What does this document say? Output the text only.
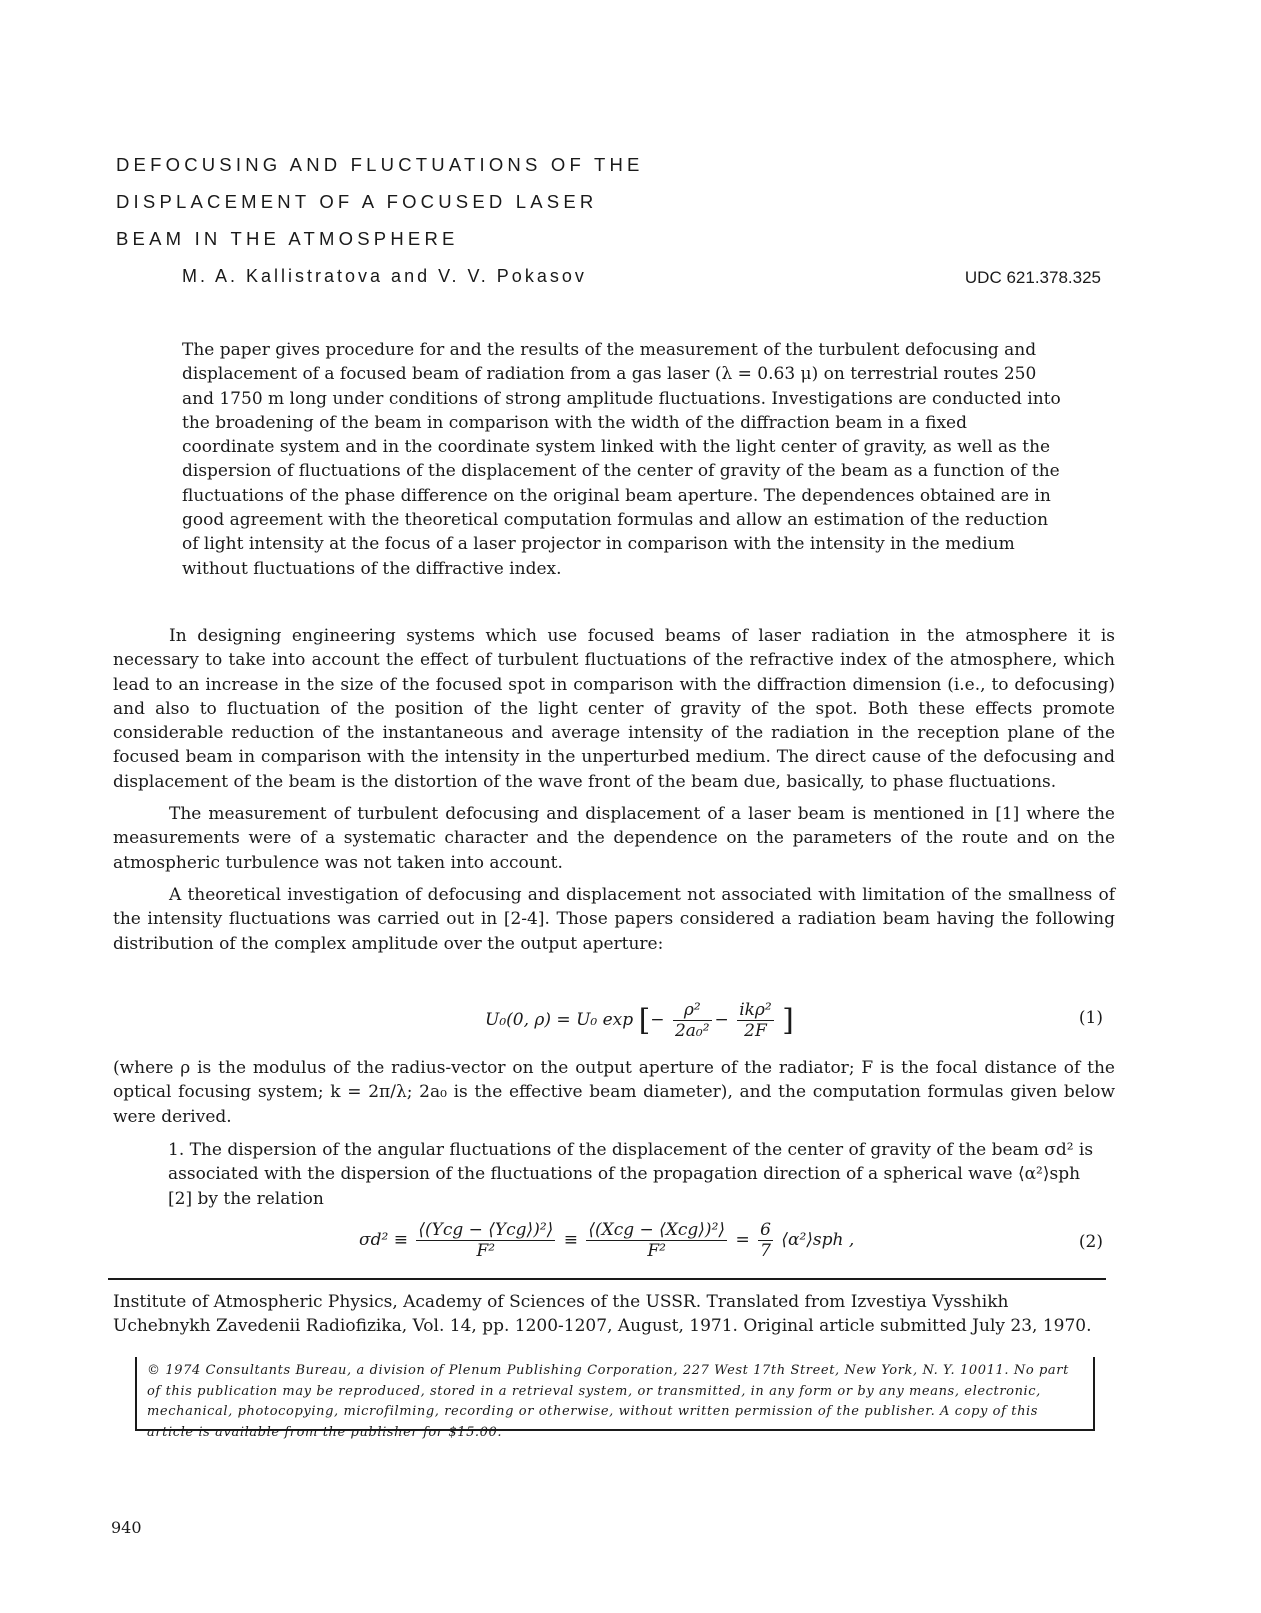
DEFOCUSING AND FLUCTUATIONS OF THE
DISPLACEMENT OF A FOCUSED LASER
BEAM IN THE ATMOSPHERE
M. A. Kallistratova and V. V. Pokasov	UDC 621.378.325
The paper gives procedure for and the results of the measurement of the turbulent defocusing and displacement of a focused beam of radiation from a gas laser (λ = 0.63 μ) on terrestrial routes 250 and 1750 m long under conditions of strong amplitude fluctuations. Investigations are conducted into the broadening of the beam in comparison with the width of the diffraction beam in a fixed coordinate system and in the coordinate system linked with the light center of gravity, as well as the dispersion of fluctuations of the displacement of the center of gravity of the beam as a function of the fluctuations of the phase difference on the original beam aperture. The dependences obtained are in good agreement with the theoretical computation formulas and allow an estimation of the reduction of light intensity at the focus of a laser projector in comparison with the intensity in the medium without fluctuations of the diffractive index.

In designing engineering systems which use focused beams of laser radiation in the atmosphere it is necessary to take into account the effect of turbulent fluctuations of the refractive index of the atmosphere, which lead to an increase in the size of the focused spot in comparison with the diffraction dimension (i.e., to defocusing) and also to fluctuation of the position of the light center of gravity of the spot. Both these effects promote considerable reduction of the instantaneous and average intensity of the radiation in the reception plane of the focused beam in comparison with the intensity in the unperturbed medium. The direct cause of the defocusing and displacement of the beam is the distortion of the wave front of the beam due, basically, to phase fluctuations.

The measurement of turbulent defocusing and displacement of a laser beam is mentioned in [1] where the measurements were of a systematic character and the dependence on the parameters of the route and on the atmospheric turbulence was not taken into account.

A theoretical investigation of defocusing and displacement not associated with limitation of the smallness of the intensity fluctuations was carried out in [2-4]. Those papers considered a radiation beam having the following distribution of the complex amplitude over the output aperture:

U₀(0, ρ) = U₀ exp [− $\frac{\text{ρ²}}{\text{2a₀²}} - \frac{\text{ikρ²}}{2F}$ ]	(1)

(where ρ is the modulus of the radius-vector on the output aperture of the radiator; F is the focal distance of the optical focusing system; k = 2π/λ; 2a₀ is the effective beam diameter), and the computation formulas given below were derived.

1. The dispersion of the angular fluctuations of the displacement of the center of gravity of the beam σd² is associated with the dispersion of the fluctuations of the propagation direction of a spherical wave ⟨α²⟩sph [2] by the relation
$\sigma d^2 \equiv \frac{\text{⟨(Ycg − ⟨Ycg⟩)²⟩}}{\text{F²}} \equiv \frac{\text{⟨(Xcg − ⟨Xcg⟩)²⟩}}{\text{F²}} = \frac{6}{7}$ ⟨α²⟩sph ,	(2)
Institute of Atmospheric Physics, Academy of Sciences of the USSR. Translated from Izvestiya Vysshikh Uchebnykh Zavedenii Radiofizika, Vol. 14, pp. 1200-1207, August, 1971. Original article submitted July 23, 1970.
© 1974 Consultants Bureau, a division of Plenum Publishing Corporation, 227 West 17th Street, New York, N. Y. 10011. No part of this publication may be reproduced, stored in a retrieval system, or transmitted, in any form or by any means, electronic, mechanical, photocopying, microfilming, recording or otherwise, without written permission of the publisher. A copy of this article is available from the publisher for $15.00.
940
